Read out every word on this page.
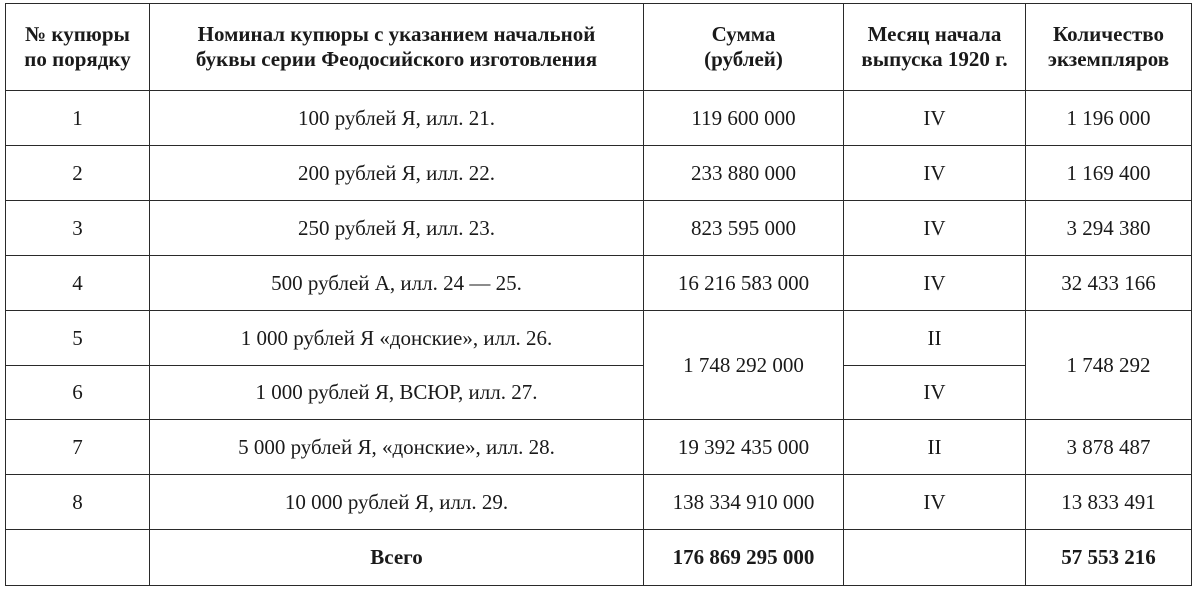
№ купюры
по порядку	Номинал купюры с указанием начальной
буквы серии Феодосийского изготовления	Сумма
(рублей)	Месяц начала
выпуска 1920 г.	Количество
экземпляров

1	100 рублей Я, илл. 21.	119 600 000	IV	1 196 000
2	200 рублей Я, илл. 22.	233 880 000	IV	1 169 400
3	250 рублей Я, илл. 23.	823 595 000	IV	3 294 380
4	500 рублей А, илл. 24 — 25.	16 216 583 000	IV	32 433 166
5	1 000 рублей Я «донские», илл. 26.	1 748 292 000	II	1 748 292
6	1 000 рублей Я, ВСЮР, илл. 27.		IV	
7	5 000 рублей Я, «донские», илл. 28.	19 392 435 000	II	3 878 487
8	10 000 рублей Я, илл. 29.	138 334 910 000	IV	13 833 491
	Всего	176 869 295 000		57 553 216
